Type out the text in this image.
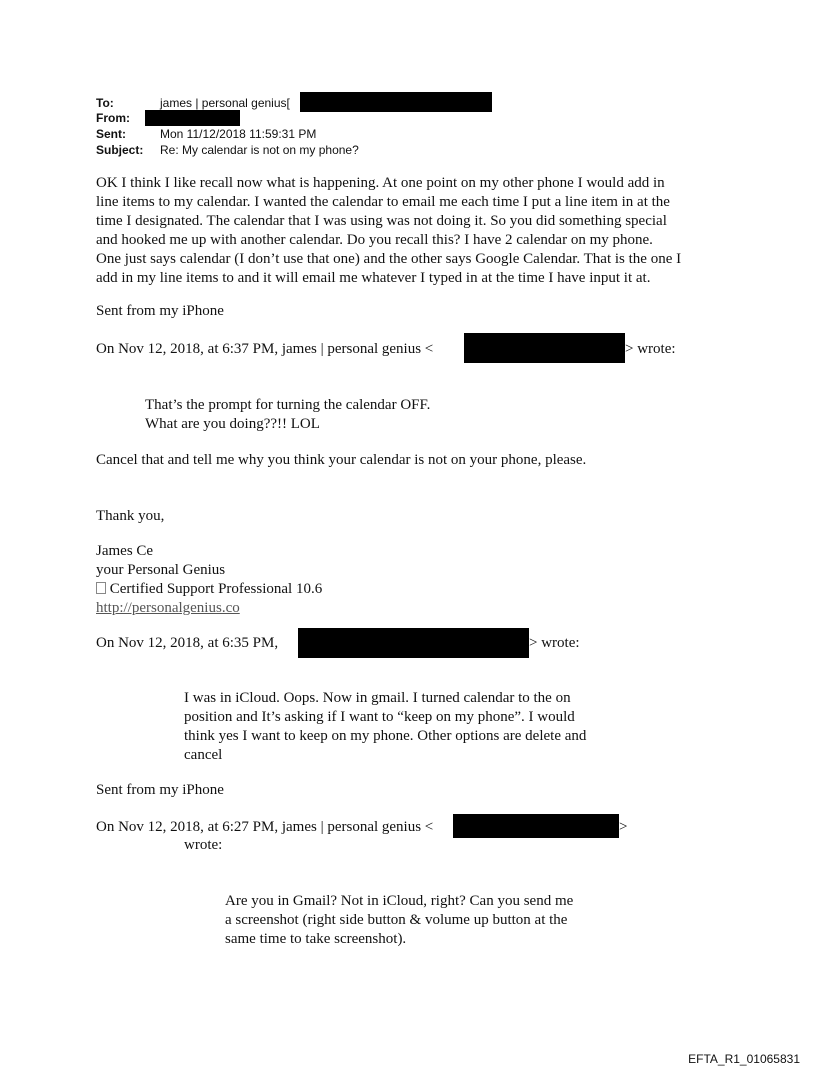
To:	james | personal genius[
From:
Sent:	Mon 11/12/2018 11:59:31 PM
Subject: Re: My calendar is not on my phone?
OK I think I like recall now what is happening. At one point on my other phone I would add in
line items to my calendar. I wanted the calendar to email me each time I put a line item in at the
time I designated. The calendar that I was using was not doing it. So you did something special
and hooked me up with another calendar. Do you recall this? I have 2 calendar on my phone.
One just says calendar (I don’t use that one) and the other says Google Calendar. That is the one I
add in my line items to and it will email me whatever I typed in at the time I have input it at.
Sent from my iPhone
On Nov 12, 2018, at 6:37 PM, james | personal genius <	> wrote:
That’s the prompt for turning the calendar OFF.
What are you doing??!! LOL
Cancel that and tell me why you think your calendar is not on your phone, please.
Thank you,
James Ce
your Personal Genius
Certified Support Professional 10.6
http://personalgenius.co
On Nov 12, 2018, at 6:35 PM,	> wrote:
I was in iCloud. Oops. Now in gmail. I turned calendar to the on
position and It’s asking if I want to “keep on my phone”. I would
think yes I want to keep on my phone. Other options are delete and
cancel
Sent from my iPhone
On Nov 12, 2018, at 6:27 PM, james | personal genius <	>
wrote:
Are you in Gmail? Not in iCloud, right? Can you send me
a screenshot (right side button & volume up button at the
same time to take screenshot).
EFTA_R1_01065831
